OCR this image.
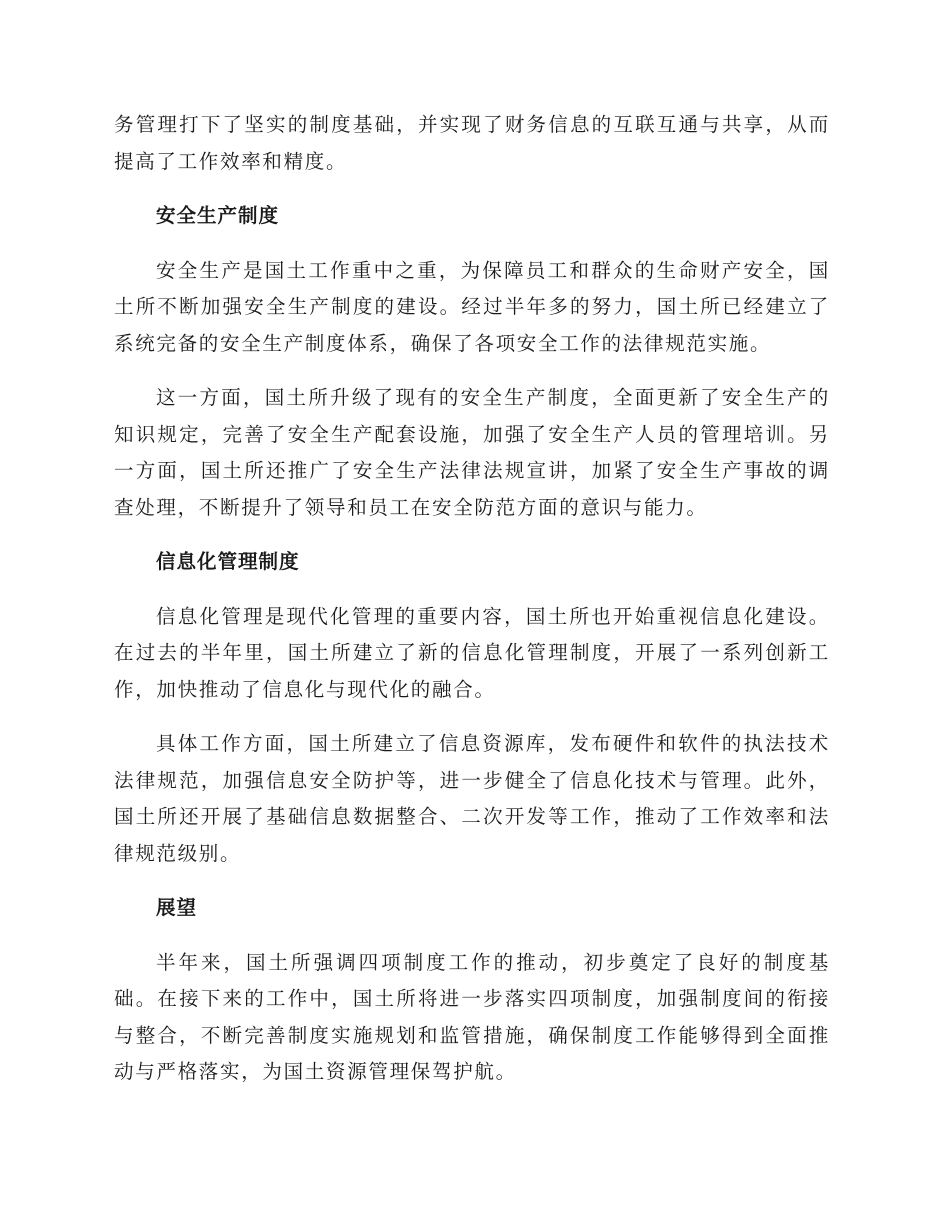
务管理打下了坚实的制度基础，并实现了财务信息的互联互通与共享，从而提高了工作效率和精度。

安全生产制度

安全生产是国土工作重中之重，为保障员工和群众的生命财产安全，国土所不断加强安全生产制度的建设。经过半年多的努力，国土所已经建立了系统完备的安全生产制度体系，确保了各项安全工作的法律规范实施。

这一方面，国土所升级了现有的安全生产制度，全面更新了安全生产的知识规定，完善了安全生产配套设施，加强了安全生产人员的管理培训。另一方面，国土所还推广了安全生产法律法规宣讲，加紧了安全生产事故的调查处理，不断提升了领导和员工在安全防范方面的意识与能力。

信息化管理制度

信息化管理是现代化管理的重要内容，国土所也开始重视信息化建设。在过去的半年里，国土所建立了新的信息化管理制度，开展了一系列创新工作，加快推动了信息化与现代化的融合。

具体工作方面，国土所建立了信息资源库，发布硬件和软件的执法技术法律规范，加强信息安全防护等，进一步健全了信息化技术与管理。此外，国土所还开展了基础信息数据整合、二次开发等工作，推动了工作效率和法律规范级别。

展望

半年来，国土所强调四项制度工作的推动，初步奠定了良好的制度基础。在接下来的工作中，国土所将进一步落实四项制度，加强制度间的衔接与整合，不断完善制度实施规划和监管措施，确保制度工作能够得到全面推动与严格落实，为国土资源管理保驾护航。
